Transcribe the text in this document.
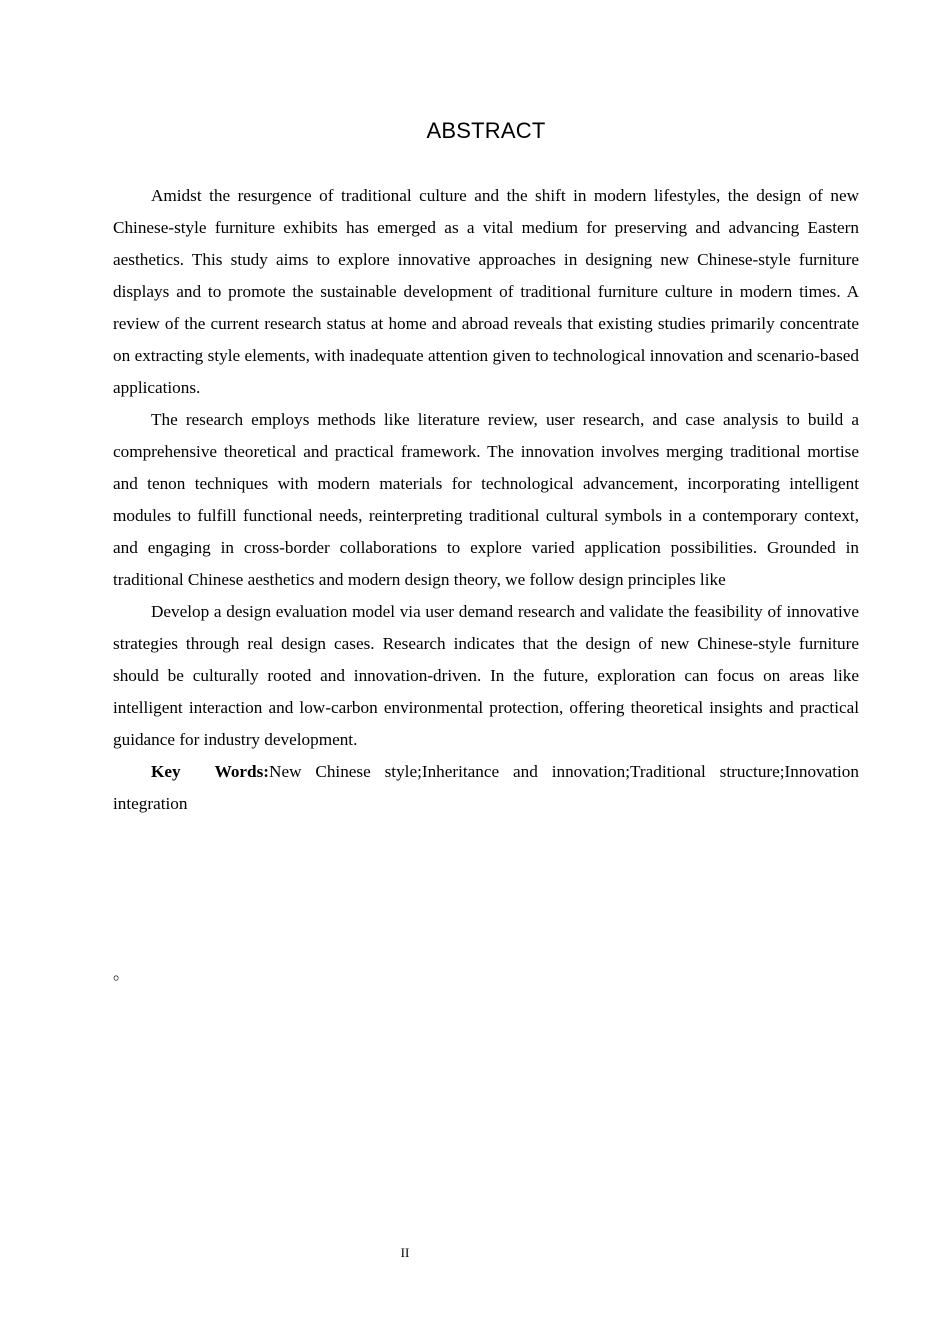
ABSTRACT

Amidst the resurgence of traditional culture and the shift in modern lifestyles, the design of new Chinese-style furniture exhibits has emerged as a vital medium for preserving and advancing Eastern aesthetics. This study aims to explore innovative approaches in designing new Chinese-style furniture displays and to promote the sustainable development of traditional furniture culture in modern times. A review of the current research status at home and abroad reveals that existing studies primarily concentrate on extracting style elements, with inadequate attention given to technological innovation and scenario-based applications.

The research employs methods like literature review, user research, and case analysis to build a comprehensive theoretical and practical framework. The innovation involves merging traditional mortise and tenon techniques with modern materials for technological advancement, incorporating intelligent modules to fulfill functional needs, reinterpreting traditional cultural symbols in a contemporary context, and engaging in cross-border collaborations to explore varied application possibilities. Grounded in traditional Chinese aesthetics and modern design theory, we follow design principles like

Develop a design evaluation model via user demand research and validate the feasibility of innovative strategies through real design cases. Research indicates that the design of new Chinese-style furniture should be culturally rooted and innovation-driven. In the future, exploration can focus on areas like intelligent interaction and low-carbon environmental protection, offering theoretical insights and practical guidance for industry development.

Key Words:New Chinese style;Inheritance and innovation;Traditional structure;Innovation integration

。
II
